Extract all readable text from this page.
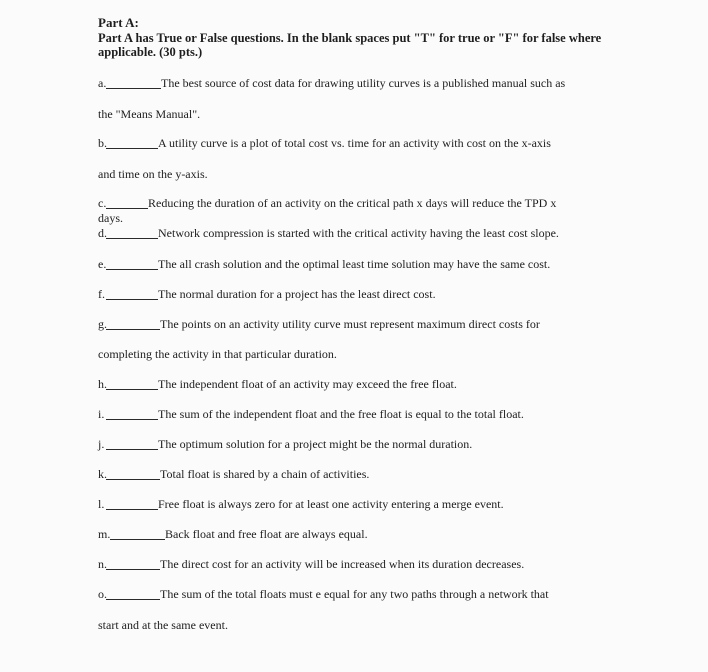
Part A:
Part A has True or False questions. In the blank spaces put "T" for true or "F" for false where applicable. (30 pts.)
a.	The best source of cost data for drawing utility curves is a published manual such as
the "Means Manual".
b.	A utility curve is a plot of total cost vs. time for an activity with cost on the x-axis
and time on the y-axis.
c.	Reducing the duration of an activity on the critical path x days will reduce the TPD x
days.
d.	Network compression is started with the critical activity having the least cost slope.
e.	The all crash solution and the optimal least time solution may have the same cost.
f.	The normal duration for a project has the least direct cost.
g.	The points on an activity utility curve must represent maximum direct costs for
completing the activity in that particular duration.
h.	The independent float of an activity may exceed the free float.
i.	The sum of the independent float and the free float is equal to the total float.
j.	The optimum solution for a project might be the normal duration.
k.	Total float is shared by a chain of activities.
l.	Free float is always zero for at least one activity entering a merge event.
m.	Back float and free float are always equal.
n.	The direct cost for an activity will be increased when its duration decreases.
o.	The sum of the total floats must e equal for any two paths through a network that
start and at the same event.
